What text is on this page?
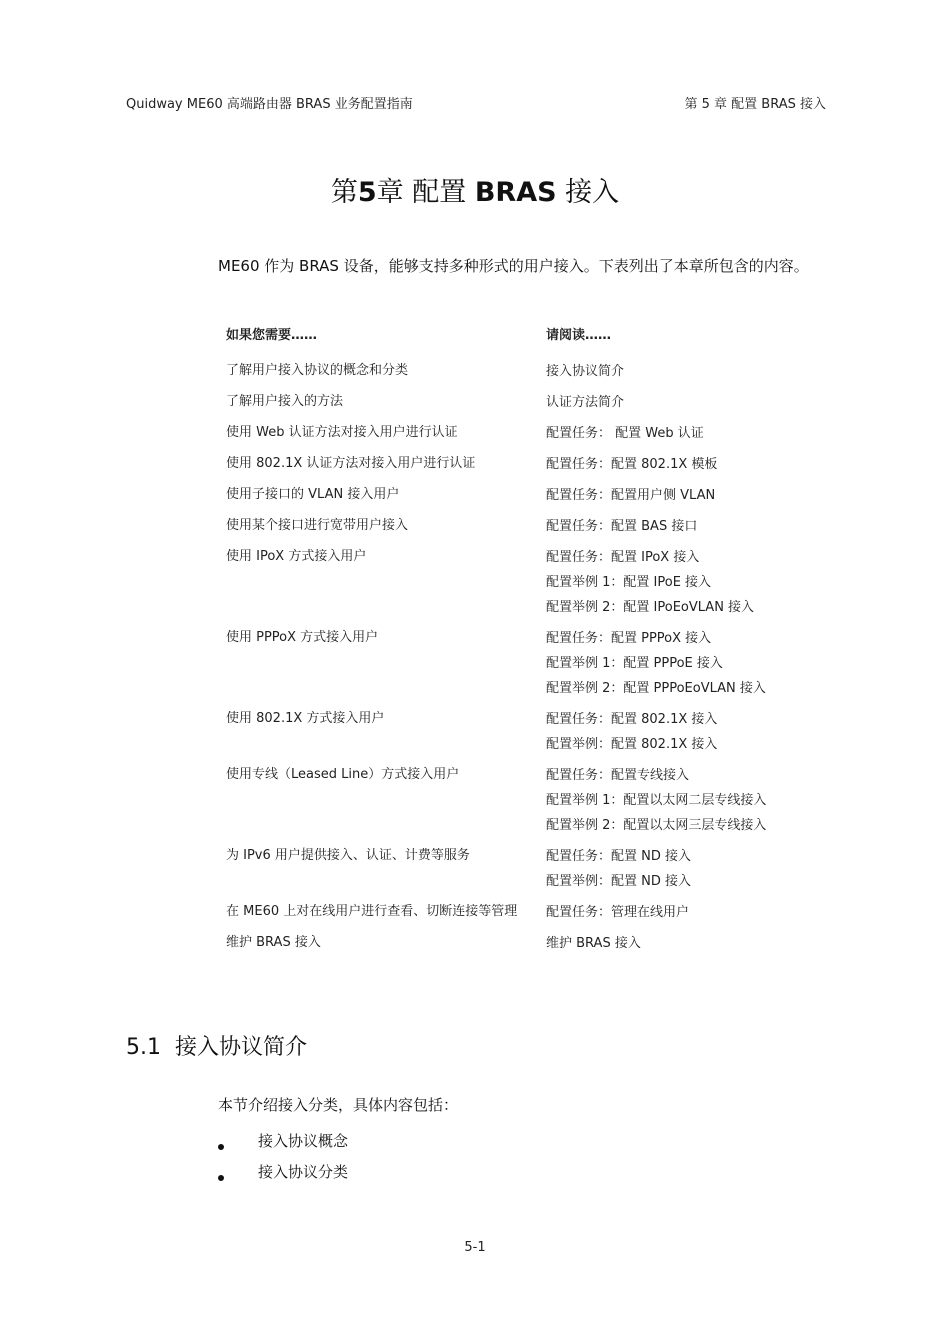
Quidway ME60 高端路由器 BRAS 业务配置指南	第 5 章 配置 BRAS 接入
第5章 配置 BRAS 接入
ME60 作为 BRAS 设备，能够支持多种形式的用户接入。下表列出了本章所包含的内容。
如果您需要……	请阅读……
了解用户接入协议的概念和分类	接入协议简介

了解用户接入的方法	认证方法简介

使用 Web 认证方法对接入用户进行认证	配置任务： 配置 Web 认证

使用 802.1X 认证方法对接入用户进行认证	配置任务：配置 802.1X 模板

使用子接口的 VLAN 接入用户	配置任务：配置用户侧 VLAN

使用某个接口进行宽带用户接入	配置任务：配置 BAS 接口

使用 IPoX 方式接入用户	配置任务：配置 IPoX 接入
配置举例 1：配置 IPoE 接入
配置举例 2：配置 IPoEoVLAN 接入

使用 PPPoX 方式接入用户	配置任务：配置 PPPoX 接入
配置举例 1：配置 PPPoE 接入
配置举例 2：配置 PPPoEoVLAN 接入

使用 802.1X 方式接入用户	配置任务：配置 802.1X 接入
配置举例：配置 802.1X 接入

使用专线（Leased Line）方式接入用户	配置任务：配置专线接入
配置举例 1：配置以太网二层专线接入
配置举例 2：配置以太网三层专线接入

为 IPv6 用户提供接入、认证、计费等服务	配置任务：配置 ND 接入
配置举例：配置 ND 接入

在 ME60 上对在线用户进行查看、切断连接等管理	配置任务：管理在线用户

维护 BRAS 接入	维护 BRAS 接入
5.1 接入协议简介
本节介绍接入分类，具体内容包括：
接入协议概念
接入协议分类
5-1
